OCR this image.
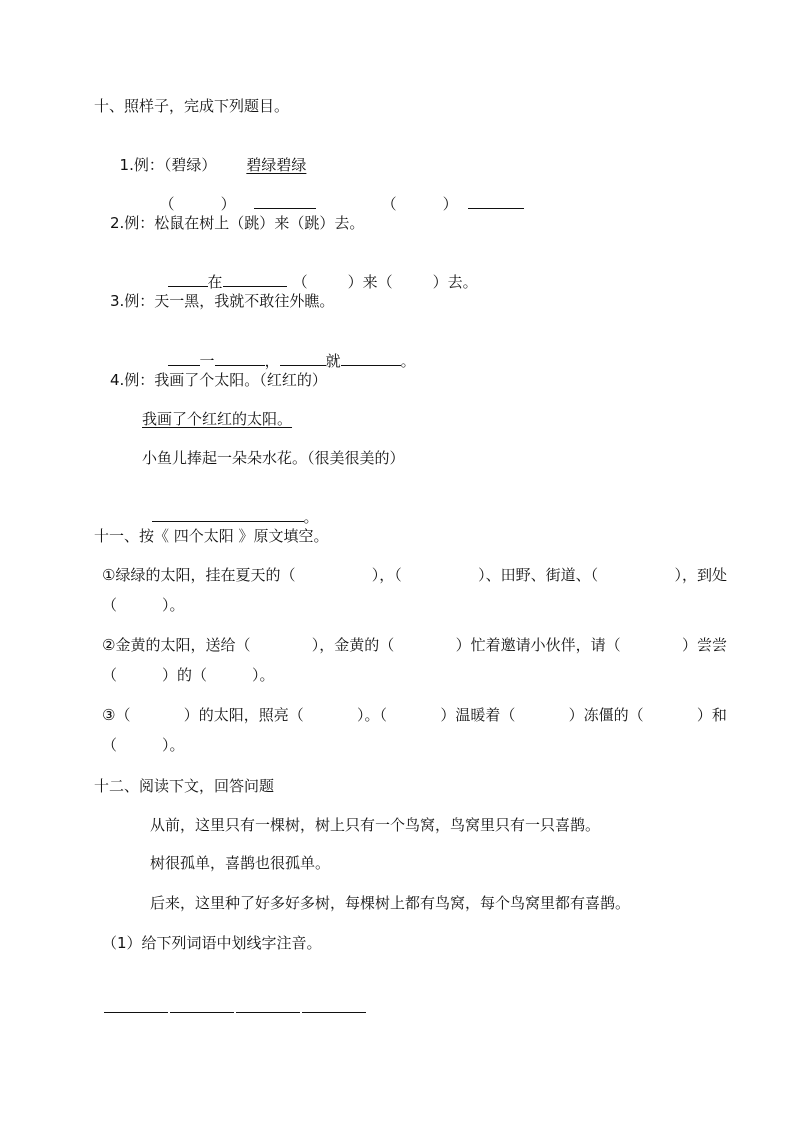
十、照样子，完成下列题目。

1.例：（碧绿） 碧绿碧绿

（	）	（	）

2.例：松鼠在树上（跳）来（跳）去。

在	（	）来（	）去。

3.例：天一黑，我就不敢往外瞧。

一	，	就	。

4.例：我画了个太阳。（红红的）
我画了个红红的太阳。
小鱼儿捧起一朵朵水花。（很美很美的）

。

十一、按《 四个太阳 》原文填空。
①绿绿的太阳，挂在夏天的（	），（	）、田野、街道、（	），到处
（　　　）。
②金黄的太阳，送给（	），金黄的（	）忙着邀请小伙伴，请（	）尝尝
（　　　）的（　　　）。
③（	）的太阳，照亮（	）。（	）温暖着（	）冻僵的（	）和
（　　　）。
十二、阅读下文，回答问题
从前，这里只有一棵树，树上只有一个鸟窝，鸟窝里只有一只喜鹊。
树很孤单，喜鹊也很孤单。
后来，这里种了好多好多树，每棵树上都有鸟窝，每个鸟窝里都有喜鹊。
（1）给下列词语中划线字注音。
